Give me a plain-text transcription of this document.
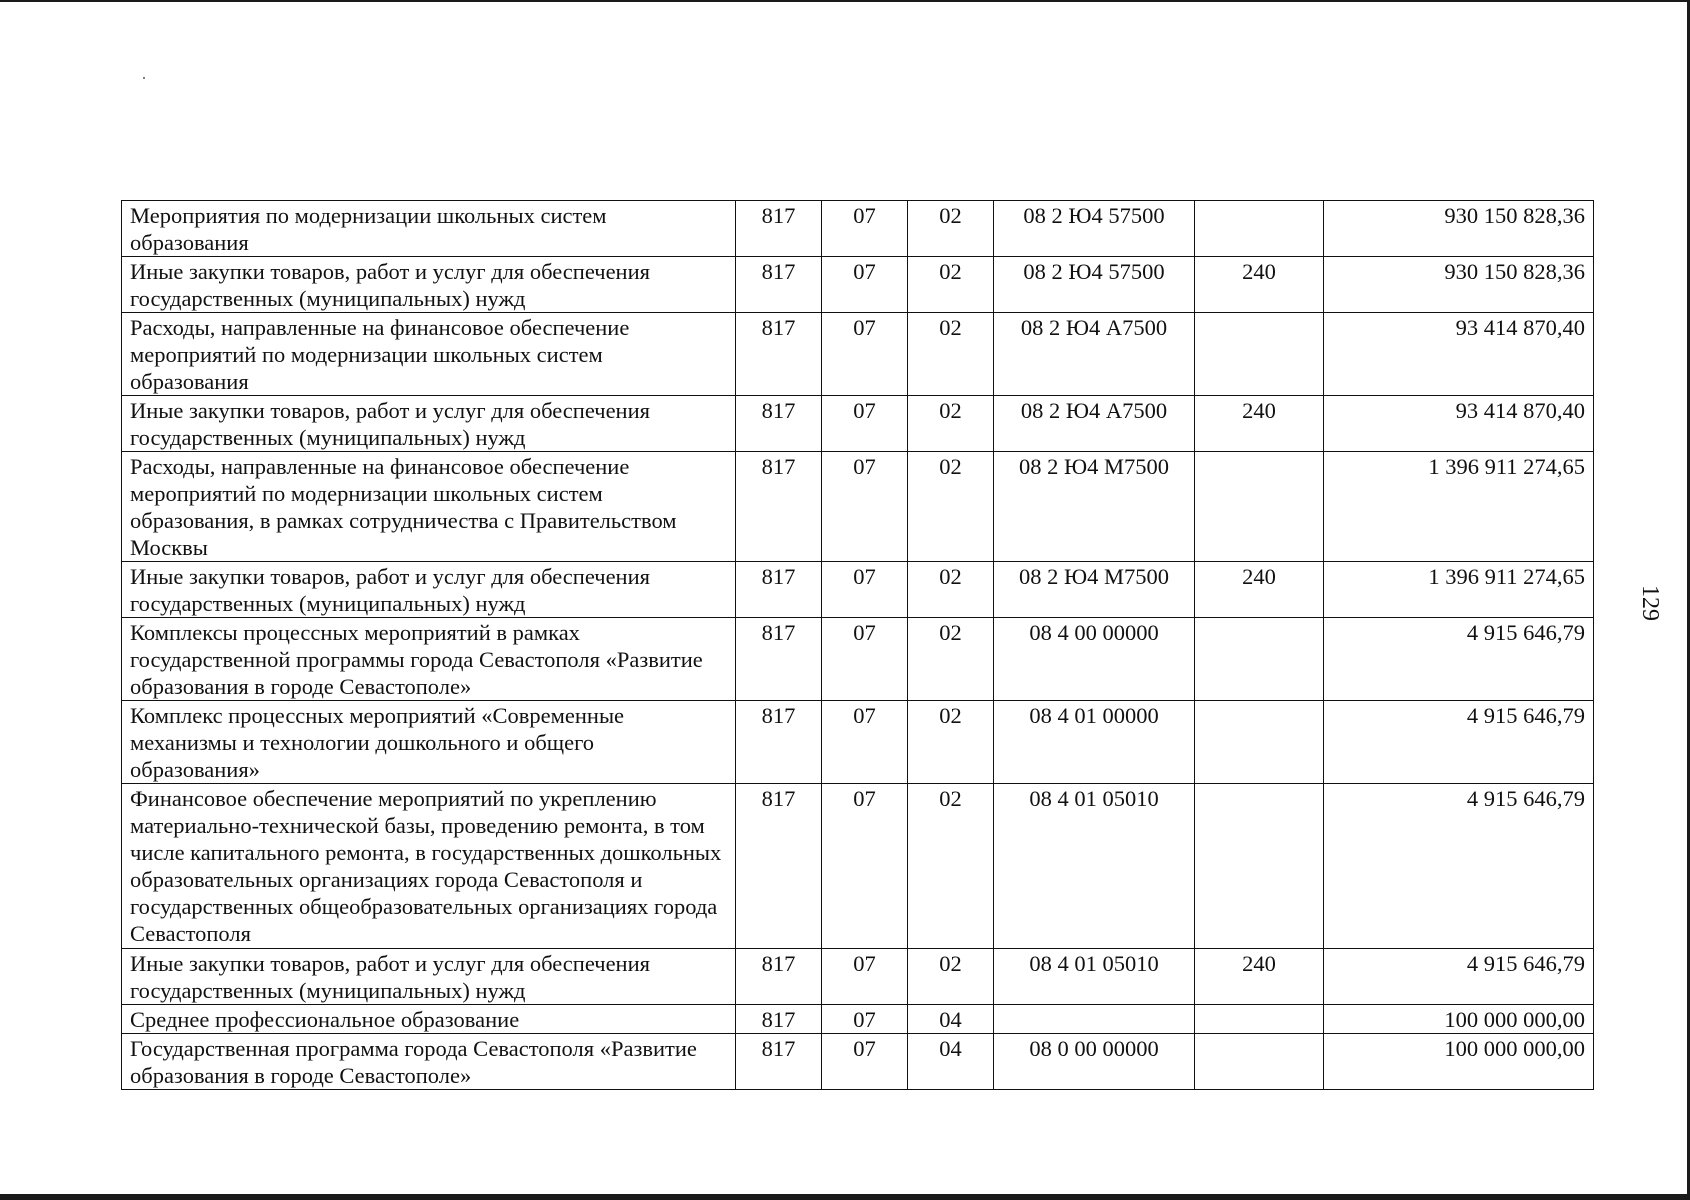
129
Мероприятия по модернизации школьных систем образования	817	07	02	08 2 Ю4 57500		930 150 828,36
Иные закупки товаров, работ и услуг для обеспечения государственных (муниципальных) нужд	817	07	02	08 2 Ю4 57500	240	930 150 828,36
Расходы, направленные на финансовое обеспечение мероприятий по модернизации школьных систем образования	817	07	02	08 2 Ю4 А7500		93 414 870,40
Иные закупки товаров, работ и услуг для обеспечения государственных (муниципальных) нужд	817	07	02	08 2 Ю4 А7500	240	93 414 870,40
Расходы, направленные на финансовое обеспечение мероприятий по модернизации школьных систем образования, в рамках сотрудничества с Правительством Москвы	817	07	02	08 2 Ю4 М7500		1 396 911 274,65
Иные закупки товаров, работ и услуг для обеспечения государственных (муниципальных) нужд	817	07	02	08 2 Ю4 М7500	240	1 396 911 274,65
Комплексы процессных мероприятий в рамках государственной программы города Севастополя «Развитие образования в городе Севастополе»	817	07	02	08 4 00 00000		4 915 646,79
Комплекс процессных мероприятий «Современные механизмы и технологии дошкольного и общего образования»	817	07	02	08 4 01 00000		4 915 646,79
Финансовое обеспечение мероприятий по укреплению материально-технической базы, проведению ремонта, в том числе капитального ремонта, в государственных дошкольных образовательных организациях города Севастополя и государственных общеобразовательных организациях города Севастополя	817	07	02	08 4 01 05010		4 915 646,79
Иные закупки товаров, работ и услуг для обеспечения государственных (муниципальных) нужд	817	07	02	08 4 01 05010	240	4 915 646,79
Среднее профессиональное образование	817	07	04			100 000 000,00
Государственная программа города Севастополя «Развитие образования в городе Севастополе»	817	07	04	08 0 00 00000		100 000 000,00
